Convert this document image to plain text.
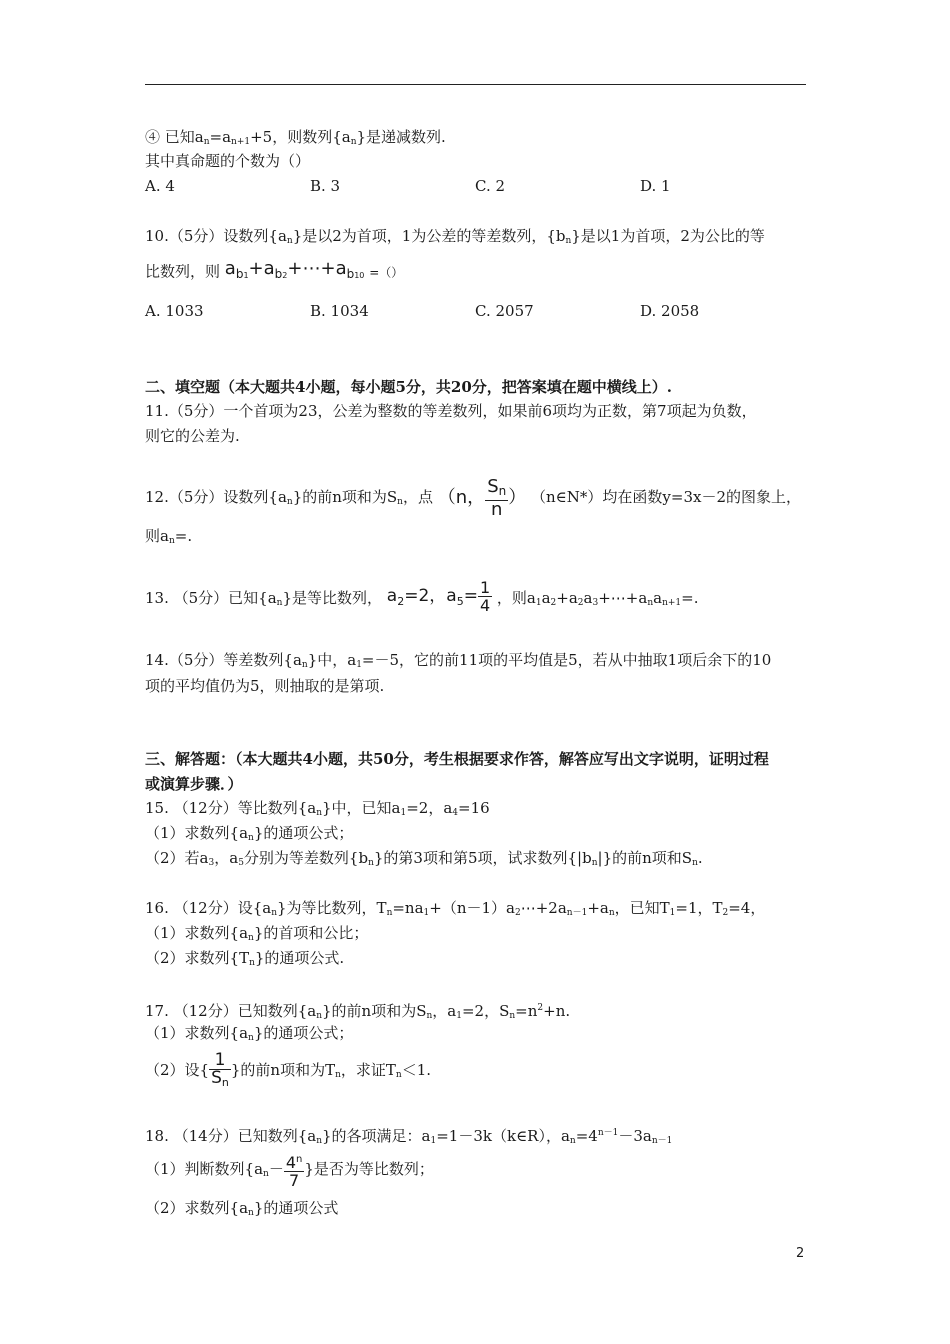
④ 已知$a_n=a_{n+1}+5$，则数列$\{a_n\}$是递减数列.
其中真命题的个数为（）
A. 4	B. 3	C. 2	D. 1
10.（5分）设数列$\{a_n\}$是以2为首项，1为公差的等差数列，$\{b_n\}$是以1为首项，2为公比的等
比数列，则 $a_{b1}+a_{b2}+\cdots+a_{b10}$ =（）
A. 1033	B. 1034	C. 2057	D. 2058
二、填空题（本大题共4小题，每小题5分，共20分，把答案填在题中横线上）.
11.（5分）一个首项为23，公差为整数的等差数列，如果前6项均为正数，第7项起为负数，
则它的公差为.
12.（5分）设数列$\{a_n\}$的前n项和为$S_n$，点 （n， $\frac{Sn}{n}$ ） （n∈N*）均在函数y=3x－2的图象上，
则$a_n=$.
13. （5分）已知$\{a_n\}$是等比数列， $a_2=2$，$a_5= \frac{1}{4}$ ，则$a_1a_2+a_2a_3+\cdots+a_na_{n+1}=$.
14.（5分）等差数列$\{a_n\}$中，$a_1=-5$，它的前11项的平均值是5，若从中抽取1项后余下的10
项的平均值仍为5，则抽取的是第项.
三、解答题：（本大题共4小题，共50分，考生根据要求作答，解答应写出文字说明，证明过程
或演算步骤．）
15. （12分）等比数列$\{a_n\}$中，已知$a_1=2$，$a_4=16$
（1）求数列$\{a_n\}$的通项公式；
（2）若$a_3$，$a_5$分别为等差数列$\{b_n\}$的第3项和第5项，试求数列$\{|b_n|\}$的前n项和$S_n$.
16. （12分）设$\{a_n\}$为等比数列，$T_n=na_1+(n-1)a_2\cdots+2a_{n-1}+a_n$，已知$T_1=1$，$T_2=4$，
（1）求数列$\{a_n\}$的首项和公比；
（2）求数列$\{T_n\}$的通项公式.
17. （12分）已知数列$\{a_n\}$的前n项和为$S_n$，$a_1=2$，$S_n=n^2+n$.
（1）求数列$\{a_n\}$的通项公式；
（2）设{ $\frac{1}{Sn}$ }的前n项和为$T_n$，求证$T_n<1$.
18. （14分）已知数列$\{a_n\}$的各项满足：$a_1=1-3k(k\in R)$，$a_n=4^{n-1}-3a_{n-1}$
（1）判断数列{$a_n- \frac{4^n}{7}$ }是否为等比数列；
（2）求数列$\{a_n\}$的通项公式
2
